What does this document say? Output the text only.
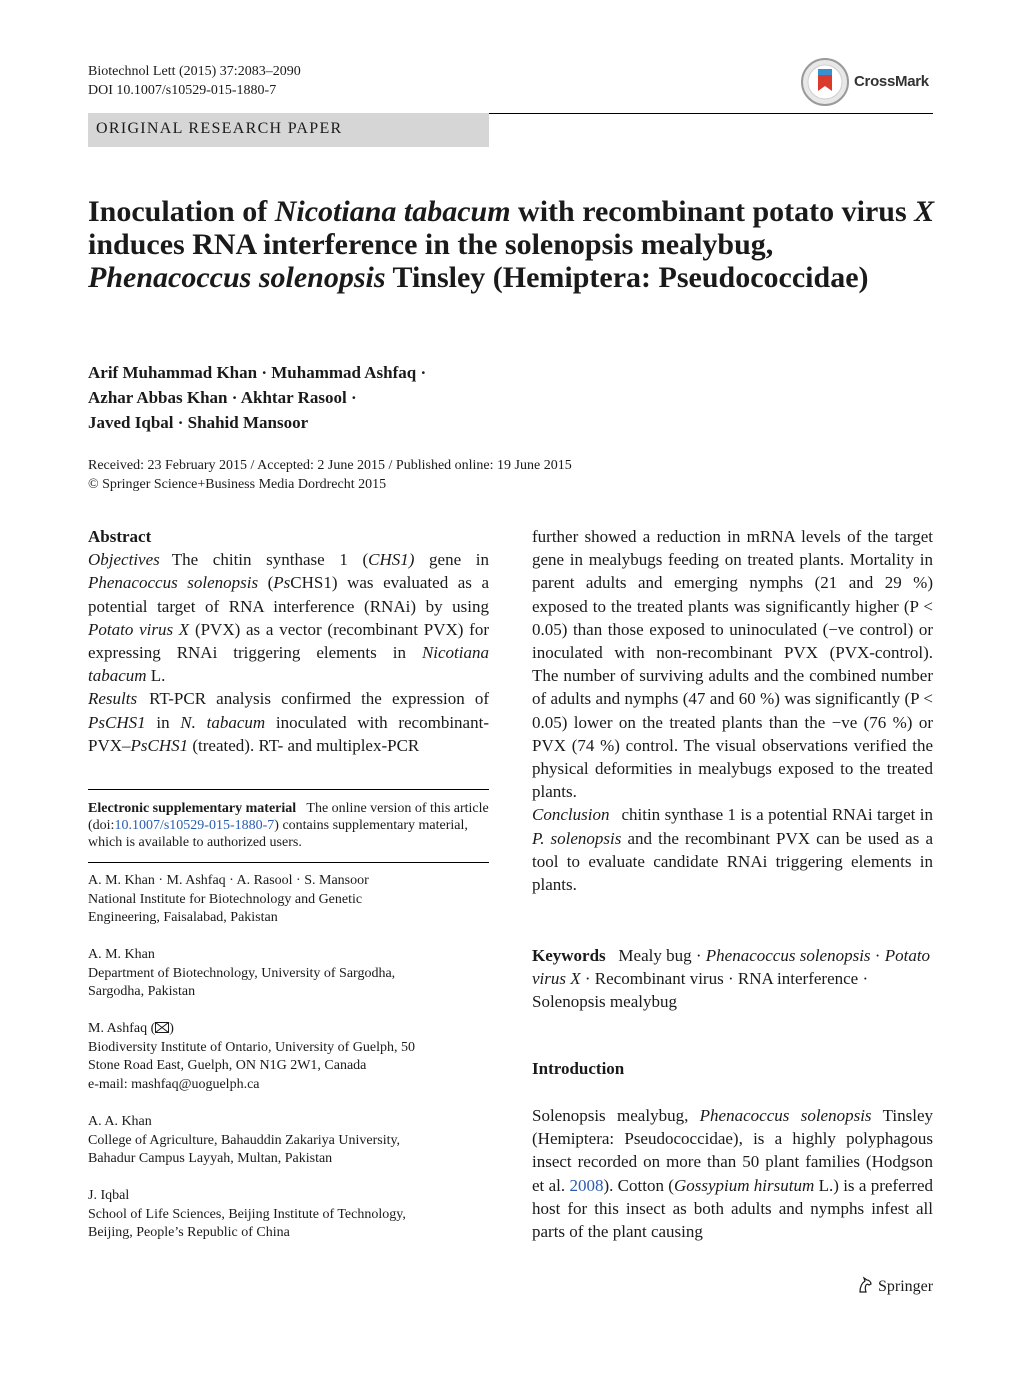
Biotechnol Lett (2015) 37:2083–2090
DOI 10.1007/s10529-015-1880-7
CrossMark
ORIGINAL RESEARCH PAPER
Inoculation of Nicotiana tabacum with recombinant potato virus X induces RNA interference in the solenopsis mealybug, Phenacoccus solenopsis Tinsley (Hemiptera: Pseudococcidae)
Arif Muhammad Khan · Muhammad Ashfaq ·
Azhar Abbas Khan · Akhtar Rasool ·
Javed Iqbal · Shahid Mansoor
Received: 23 February 2015 / Accepted: 2 June 2015 / Published online: 19 June 2015
© Springer Science+Business Media Dordrecht 2015
Abstract
Objectives The chitin synthase 1 (CHS1) gene in Phenacoccus solenopsis (PsCHS1) was evaluated as a potential target of RNA interference (RNAi) by using Potato virus X (PVX) as a vector (recombinant PVX) for expressing RNAi triggering elements in Nicotiana tabacum L.
Results RT-PCR analysis confirmed the expression of PsCHS1 in N. tabacum inoculated with recombinant-PVX–PsCHS1 (treated). RT- and multiplex-PCR
Electronic supplementary material The online version of this article (doi:10.1007/s10529-015-1880-7) contains supplementary material, which is available to authorized users.
A. M. Khan · M. Ashfaq · A. Rasool · S. Mansoor
National Institute for Biotechnology and Genetic
Engineering, Faisalabad, Pakistan
A. M. Khan
Department of Biotechnology, University of Sargodha,
Sargodha, Pakistan
M. Ashfaq ( )
Biodiversity Institute of Ontario, University of Guelph, 50
Stone Road East, Guelph, ON N1G 2W1, Canada
e-mail: mashfaq@uoguelph.ca
A. A. Khan
College of Agriculture, Bahauddin Zakariya University,
Bahadur Campus Layyah, Multan, Pakistan
J. Iqbal
School of Life Sciences, Beijing Institute of Technology,
Beijing, People’s Republic of China
further showed a reduction in mRNA levels of the target gene in mealybugs feeding on treated plants. Mortality in parent adults and emerging nymphs (21 and 29 %) exposed to the treated plants was significantly higher (P < 0.05) than those exposed to uninoculated (−ve control) or inoculated with non-recombinant PVX (PVX-control). The number of surviving adults and the combined number of adults and nymphs (47 and 60 %) was significantly (P < 0.05) lower on the treated plants than the −ve (76 %) or PVX (74 %) control. The visual observations verified the physical deformities in mealybugs exposed to the treated plants.
Conclusion chitin synthase 1 is a potential RNAi target in P. solenopsis and the recombinant PVX can be used as a tool to evaluate candidate RNAi triggering elements in plants.
Keywords Mealy bug · Phenacoccus solenopsis · Potato virus X · Recombinant virus · RNA interference · Solenopsis mealybug
Introduction
Solenopsis mealybug, Phenacoccus solenopsis Tinsley (Hemiptera: Pseudococcidae), is a highly polyphagous insect recorded on more than 50 plant families (Hodgson et al. 2008). Cotton (Gossypium hirsutum L.) is a preferred host for this insect as both adults and nymphs infest all parts of the plant causing
Springer
